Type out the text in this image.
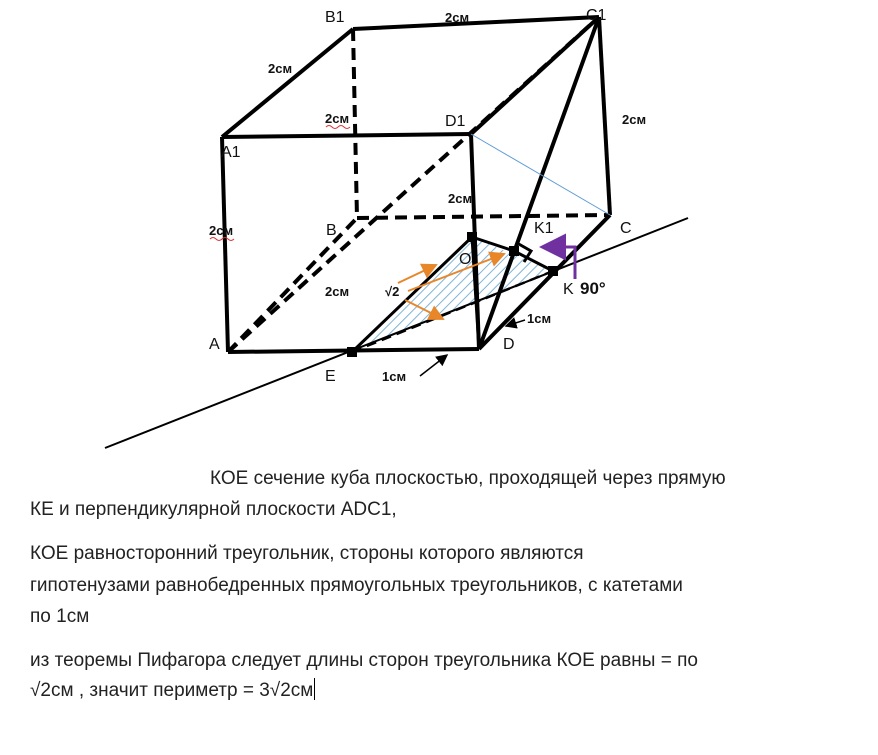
B1	C1
A1
D1
B	C
A	D
E
O
K
K1
2см
2см
2см	2см
2см
2см
2см	√2
1см
1см
90°
КОЕ сечение куба плоскостью, проходящей через прямую
КЕ и перпендикулярной плоскости ADC1,
КОЕ равносторонний треугольник, стороны которого являются
гипотенузами равнобедренных прямоугольных треугольников, с катетами
по 1см
из теоремы Пифагора следует длины сторон треугольника КОЕ равны = по
√2см , значит периметр = 3√2см
